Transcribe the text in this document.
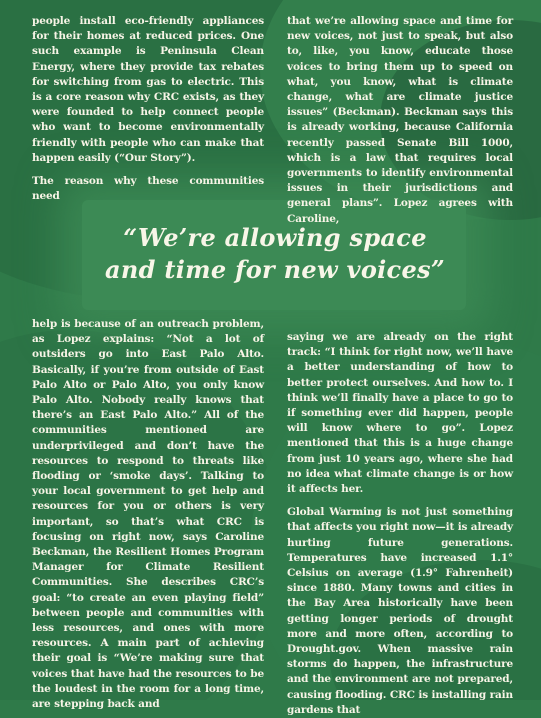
people install eco-friendly appliances for their homes at reduced prices. One such example is Peninsula Clean Energy, where they provide tax rebates for switching from gas to electric. This is a core reason why CRC exists, as they were founded to help connect people who want to become environmentally friendly with people who can make that happen easily (“Our Story”).

The reason why these communities need

that we’re allowing space and time for new voices, not just to speak, but also to, like, you know, educate those voices to bring them up to speed on what, you know, what is climate change, what are climate justice issues” (Beckman). Beckman says this is already working, because California recently passed Senate Bill 1000, which is a law that requires local governments to identify environmental issues in their jurisdictions and general plans”. Lopez agrees with Caroline,

“We’re allowing space
and time for new voices”

help is because of an outreach problem, as Lopez explains: “Not a lot of outsiders go into East Palo Alto. Basically, if you’re from outside of East Palo Alto or Palo Alto, you only know Palo Alto. Nobody really knows that there’s an East Palo Alto.” All of the communities mentioned are underprivileged and don’t have the resources to respond to threats like flooding or ‘smoke days’. Talking to your local government to get help and resources for you or others is very important, so that’s what CRC is focusing on right now, says Caroline Beckman, the Resilient Homes Program Manager for Climate Resilient Communities. She describes CRC’s goal: “to create an even playing field” between people and communities with less resources, and ones with more resources. A main part of achieving their goal is “We’re making sure that voices that have had the resources to be the loudest in the room for a long time, are stepping back and

saying we are already on the right track: “I think for right now, we’ll have a better understanding of how to better protect ourselves. And how to. I think we’ll finally have a place to go to if something ever did happen, people will know where to go”. Lopez mentioned that this is a huge change from just 10 years ago, where she had no idea what climate change is or how it affects her.

Global Warming is not just something that affects you right now—it is already hurting future generations. Temperatures have increased 1.1° Celsius on average (1.9° Fahrenheit) since 1880. Many towns and cities in the Bay Area historically have been getting longer periods of drought more and more often, according to Drought.gov. When massive rain storms do happen, the infrastructure and the environment are not prepared, causing flooding. CRC is installing rain gardens that
